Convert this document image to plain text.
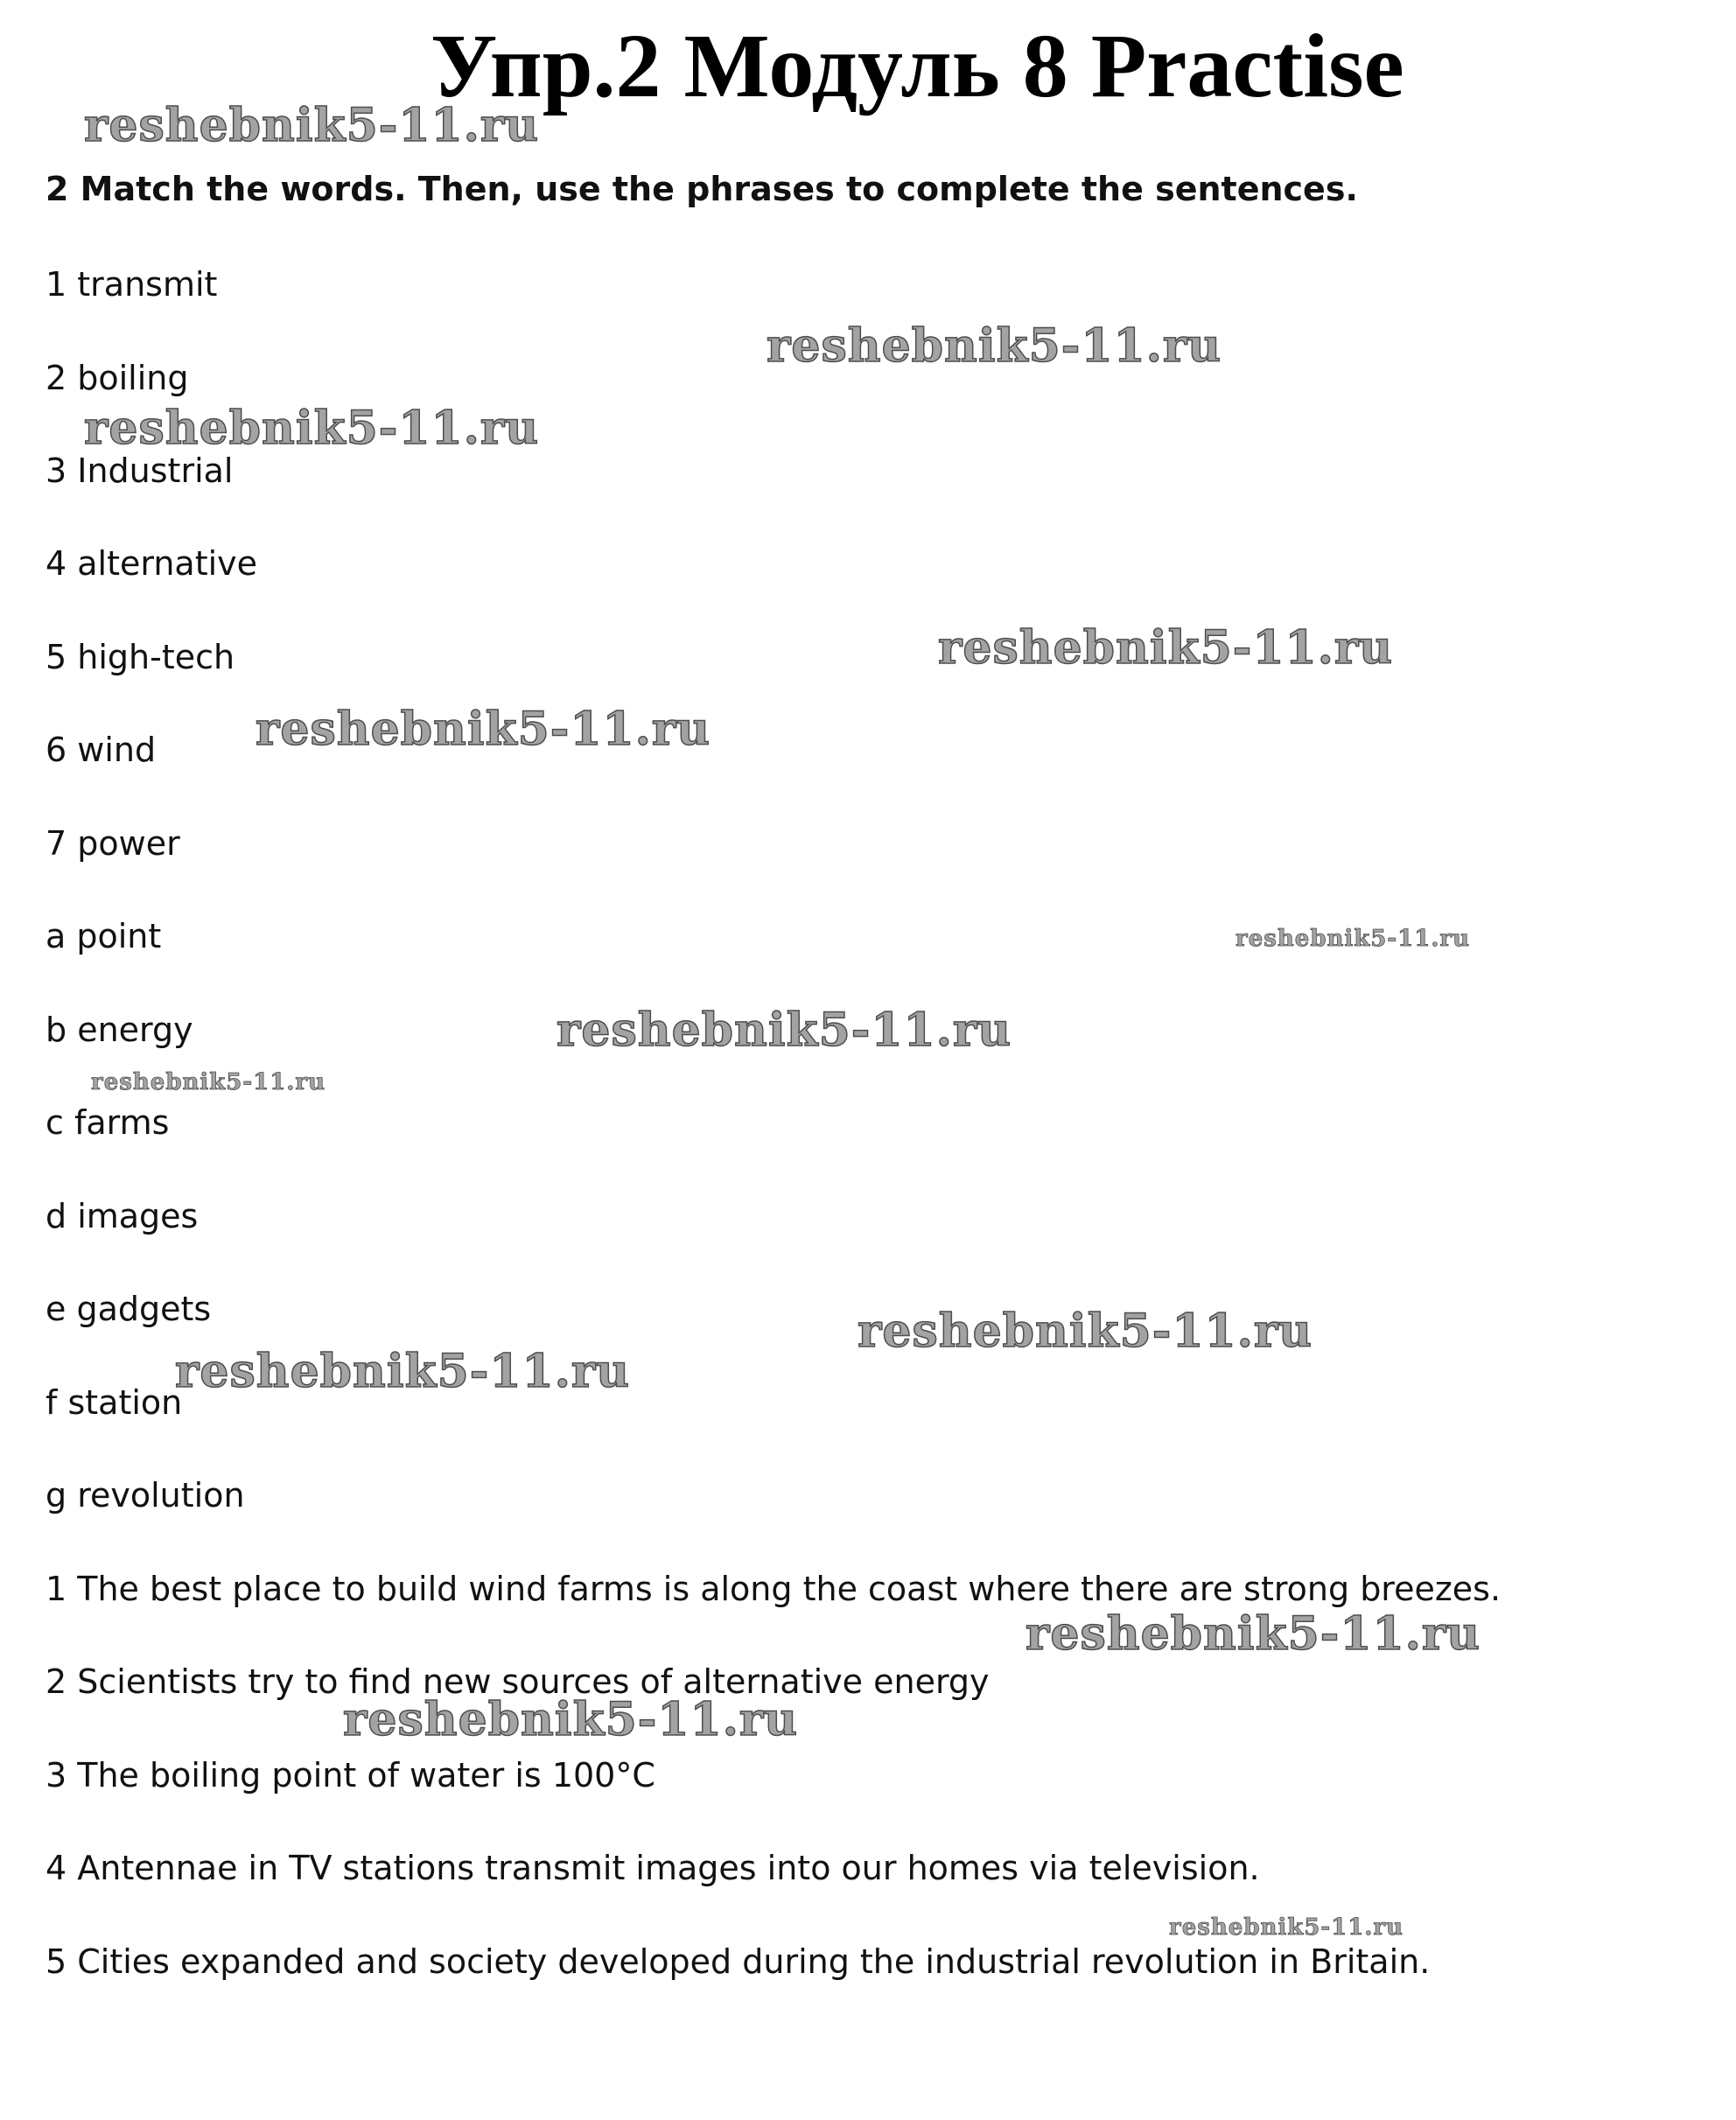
Упр.2 Модуль 8 Practise
2 Match the words. Then, use the phrases to complete the sentences.
1 transmit
2 boiling
3 Industrial
4 alternative
5 high-tech
6 wind
7 power
a point
b energy
c farms
d images
e gadgets
f station
g revolution
1 The best place to build wind farms is along the coast where there are strong breezes.
2 Scientists try to find new sources of alternative energy
3 The boiling point of water is 100°C
4 Antennae in TV stations transmit images into our homes via television.
5 Cities expanded and society developed during the industrial revolution in Britain.
reshebnik5-11.ru
reshebnik5-11.ru
reshebnik5-11.ru
reshebnik5-11.ru
reshebnik5-11.ru
reshebnik5-11.ru
reshebnik5-11.ru
reshebnik5-11.ru
reshebnik5-11.ru
reshebnik5-11.ru
reshebnik5-11.ru
reshebnik5-11.ru
reshebnik5-11.ru
